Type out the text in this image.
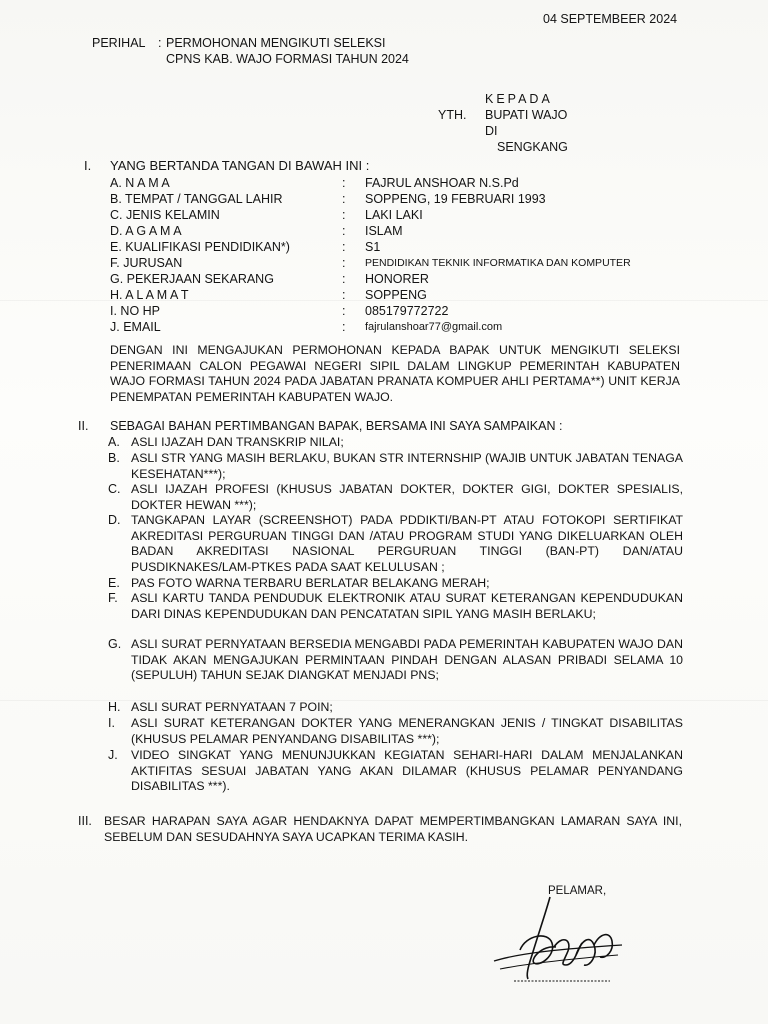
04 SEPTEMBEER 2024
PERIHAL : PERMOHONAN MENGIKUTI SELEKSI
CPNS KAB. WAJO FORMASI TAHUN 2024
KEPADA
YTH. BUPATI WAJO
DI
SENGKANG
I. YANG BERTANDA TANGAN DI BAWAH INI :
A. N A M A	: FAJRUL ANSHOAR N.S.Pd
B. TEMPAT / TANGGAL LAHIR	: SOPPENG, 19 FEBRUARI 1993
C. JENIS KELAMIN	: LAKI LAKI
D. A G A M A	: ISLAM
E. KUALIFIKASI PENDIDIKAN*)	: S1
F. JURUSAN	: PENDIDIKAN TEKNIK INFORMATIKA DAN KOMPUTER
G. PEKERJAAN SEKARANG	: HONORER
H. A L A M A T	: SOPPENG
I. NO HP	: 085179772722
J. EMAIL	: fajrulanshoar77@gmail.com
DENGAN INI MENGAJUKAN PERMOHONAN KEPADA BAPAK UNTUK MENGIKUTI SELEKSI PENERIMAAN CALON PEGAWAI NEGERI SIPIL DALAM LINGKUP PEMERINTAH KABUPATEN WAJO FORMASI TAHUN 2024 PADA JABATAN PRANATA KOMPUER AHLI PERTAMA**) UNIT KERJA PENEMPATAN PEMERINTAH KABUPATEN WAJO.
II. SEBAGAI BAHAN PERTIMBANGAN BAPAK, BERSAMA INI SAYA SAMPAIKAN :
A. ASLI IJAZAH DAN TRANSKRIP NILAI;
B. ASLI STR YANG MASIH BERLAKU, BUKAN STR INTERNSHIP (WAJIB UNTUK JABATAN TENAGA KESEHATAN***);
C. ASLI IJAZAH PROFESI (KHUSUS JABATAN DOKTER, DOKTER GIGI, DOKTER SPESIALIS, DOKTER HEWAN ***);
D. TANGKAPAN LAYAR (SCREENSHOT) PADA PDDIKTI/BAN-PT ATAU FOTOKOPI SERTIFIKAT AKREDITASI PERGURUAN TINGGI DAN /ATAU PROGRAM STUDI YANG DIKELUARKAN OLEH BADAN AKREDITASI NASIONAL PERGURUAN TINGGI (BAN-PT) DAN/ATAU PUSDIKNAKES/LAM-PTKES PADA SAAT KELULUSAN ;
E. PAS FOTO WARNA TERBARU BERLATAR BELAKANG MERAH;
F. ASLI KARTU TANDA PENDUDUK ELEKTRONIK ATAU SURAT KETERANGAN KEPENDUDUKAN DARI DINAS KEPENDUDUKAN DAN PENCATATAN SIPIL YANG MASIH BERLAKU;
G. ASLI SURAT PERNYATAAN BERSEDIA MENGABDI PADA PEMERINTAH KABUPATEN WAJO DAN TIDAK AKAN MENGAJUKAN PERMINTAAN PINDAH DENGAN ALASAN PRIBADI SELAMA 10 (SEPULUH) TAHUN SEJAK DIANGKAT MENJADI PNS;
H. ASLI SURAT PERNYATAAN 7 POIN;
I. ASLI SURAT KETERANGAN DOKTER YANG MENERANGKAN JENIS / TINGKAT DISABILITAS (KHUSUS PELAMAR PENYANDANG DISABILITAS ***);
J. VIDEO SINGKAT YANG MENUNJUKKAN KEGIATAN SEHARI-HARI DALAM MENJALANKAN AKTIFITAS SESUAI JABATAN YANG AKAN DILAMAR (KHUSUS PELAMAR PENYANDANG DISABILITAS ***).
III. BESAR HARAPAN SAYA AGAR HENDAKNYA DAPAT MEMPERTIMBANGKAN LAMARAN SAYA INI, SEBELUM DAN SESUDAHNYA SAYA UCAPKAN TERIMA KASIH.
PELAMAR,
